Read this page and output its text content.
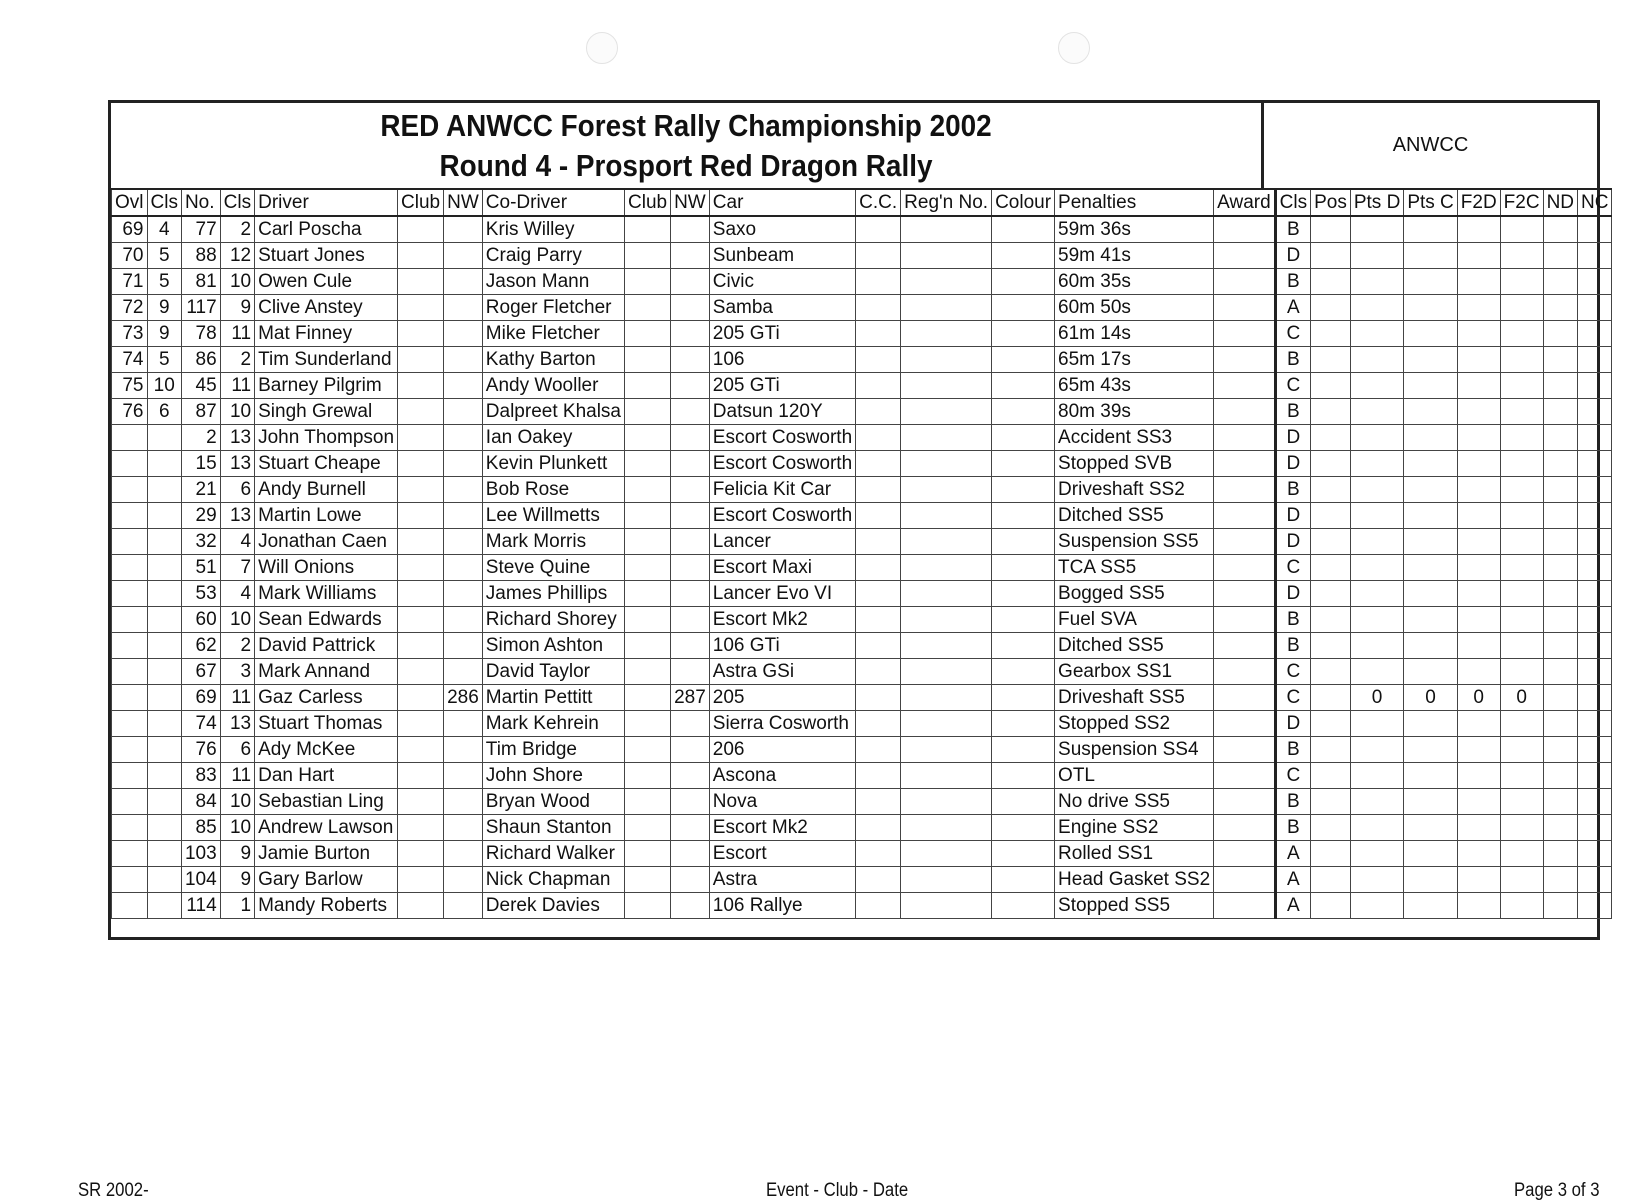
RED ANWCC Forest Rally Championship 2002
Round 4 - Prosport Red Dragon Rally
ANWCC
Ovl	Cls	No.	Cls	Driver	Club	NW	Co-Driver	Club	NW	Car	C.C.	Reg'n No.	Colour	Penalties	Award	Cls	Pos	Pts D	Pts C	F2D	F2C	ND	NC
69	4	77	2	Carl Poscha			Kris Willey			Saxo				59m 36s		B							
70	5	88	12	Stuart Jones			Craig Parry			Sunbeam				59m 41s		D							
71	5	81	10	Owen Cule			Jason Mann			Civic				60m 35s		B							
72	9	117	9	Clive Anstey			Roger Fletcher			Samba				60m 50s		A							
73	9	78	11	Mat Finney			Mike Fletcher			205 GTi				61m 14s		C							
74	5	86	2	Tim Sunderland			Kathy Barton			106				65m 17s		B							
75	10	45	11	Barney Pilgrim			Andy Wooller			205 GTi				65m 43s		C							
76	6	87	10	Singh Grewal			Dalpreet Khalsa			Datsun 120Y				80m 39s		B							
		2	13	John Thompson			Ian Oakey			Escort Cosworth				Accident SS3		D							
		15	13	Stuart Cheape			Kevin Plunkett			Escort Cosworth				Stopped SVB		D							
		21	6	Andy Burnell			Bob Rose			Felicia Kit Car				Driveshaft SS2		B							
		29	13	Martin Lowe			Lee Willmetts			Escort Cosworth				Ditched SS5		D							
		32	4	Jonathan Caen			Mark Morris			Lancer				Suspension SS5		D							
		51	7	Will Onions			Steve Quine			Escort Maxi				TCA SS5		C							
		53	4	Mark Williams			James Phillips			Lancer Evo VI				Bogged SS5		D							
		60	10	Sean Edwards			Richard Shorey			Escort Mk2				Fuel SVA		B							
		62	2	David Pattrick			Simon Ashton			106 GTi				Ditched SS5		B							
		67	3	Mark Annand			David Taylor			Astra GSi				Gearbox SS1		C							
		69	11	Gaz Carless		286	Martin Pettitt		287	205				Driveshaft SS5		C		0	0	0	0		
		74	13	Stuart Thomas			Mark Kehrein			Sierra Cosworth				Stopped SS2		D							
		76	6	Ady McKee			Tim Bridge			206				Suspension SS4		B							
		83	11	Dan Hart			John Shore			Ascona				OTL		C							
		84	10	Sebastian Ling			Bryan Wood			Nova				No drive SS5		B							
		85	10	Andrew Lawson			Shaun Stanton			Escort Mk2				Engine SS2		B							
		103	9	Jamie Burton			Richard Walker			Escort				Rolled SS1		A							
		104	9	Gary Barlow			Nick Chapman			Astra				Head Gasket SS2		A							
		114	1	Mandy Roberts			Derek Davies			106 Rallye				Stopped SS5		A							
SR 2002-	Event - Club - Date	Page 3 of 3
